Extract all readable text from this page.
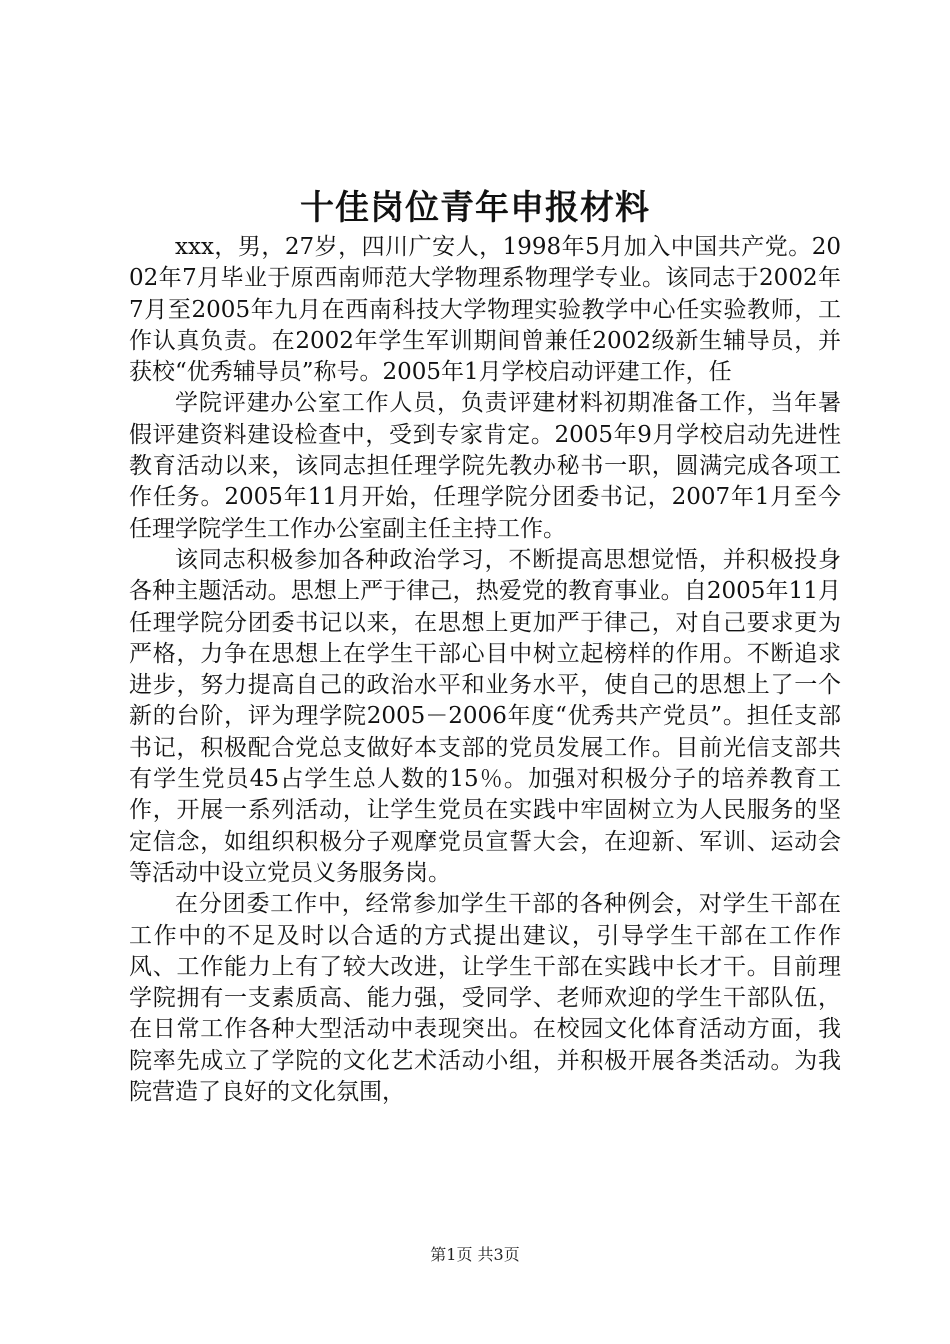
十佳岗位青年申报材料

xxx，男，27岁，四川广安人，1998年5月加入中国共产党。2002年7月毕业于原西南师范大学物理系物理学专业。该同志于2002年7月至2005年九月在西南科技大学物理实验教学中心任实验教师，工作认真负责。在2002年学生军训期间曾兼任2002级新生辅导员，并获校“优秀辅导员”称号。2005年1月学校启动评建工作，任

学院评建办公室工作人员，负责评建材料初期准备工作，当年暑假评建资料建设检查中，受到专家肯定。2005年9月学校启动先进性教育活动以来，该同志担任理学院先教办秘书一职，圆满完成各项工作任务。2005年11月开始，任理学院分团委书记，2007年1月至今任理学院学生工作办公室副主任主持工作。

该同志积极参加各种政治学习，不断提高思想觉悟，并积极投身各种主题活动。思想上严于律己，热爱党的教育事业。自2005年11月任理学院分团委书记以来，在思想上更加严于律己，对自己要求更为严格，力争在思想上在学生干部心目中树立起榜样的作用。不断追求进步，努力提高自己的政治水平和业务水平，使自己的思想上了一个新的台阶，评为理学院2005－2006年度“优秀共产党员”。担任支部书记，积极配合党总支做好本支部的党员发展工作。目前光信支部共有学生党员45占学生总人数的15％。加强对积极分子的培养教育工作，开展一系列活动，让学生党员在实践中牢固树立为人民服务的坚定信念，如组织积极分子观摩党员宣誓大会，在迎新、军训、运动会等活动中设立党员义务服务岗。

在分团委工作中，经常参加学生干部的各种例会，对学生干部在工作中的不足及时以合适的方式提出建议，引导学生干部在工作作风、工作能力上有了较大改进，让学生干部在实践中长才干。目前理学院拥有一支素质高、能力强，受同学、老师欢迎的学生干部队伍，在日常工作各种大型活动中表现突出。在校园文化体育活动方面，我院率先成立了学院的文化艺术活动小组，并积极开展各类活动。为我院营造了良好的文化氛围，

第1页 共3页
